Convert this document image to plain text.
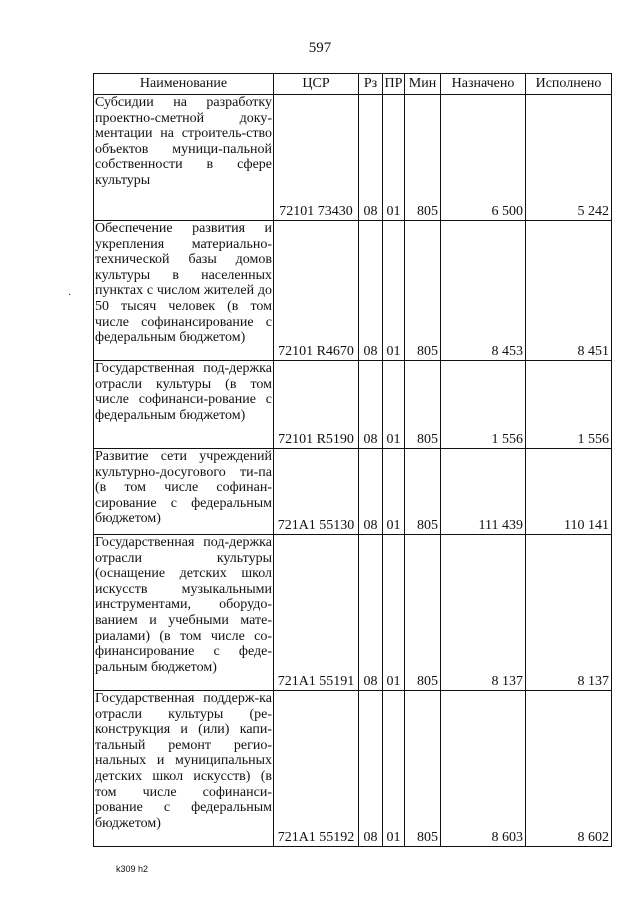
597
·
Наименование	ЦСР	Рз	ПР	Мин	Назначено	Исполнено
Субсидии на разработку проектно-сметной доку-ментации на строитель-ство объектов муници-пальной собственности в сфере культуры	72101 73430	08	01	805	6 500	5 242
Обеспечение развития и укрепления материально-технической базы домов культуры в населенных пунктах с числом жителей до 50 тысяч человек (в том числе софинансирование с федеральным бюджетом)	72101 R4670	08	01	805	8 453	8 451
Государственная под-держка отрасли культуры (в том числе софинанси-рование с федеральным бюджетом)	72101 R5190	08	01	805	1 556	1 556
Развитие сети учреждений культурно-досугового ти-па (в том числе софинан-сирование с федеральным бюджетом)	721A1 55130	08	01	805	111 439	110 141
Государственная под-держка отрасли культуры (оснащение детских школ искусств музыкальными инструментами, оборудо-ванием и учебными мате-риалами) (в том числе со-финансирование с феде-ральным бюджетом)	721A1 55191	08	01	805	8 137	8 137
Государственная поддерж-ка отрасли культуры (ре-конструкция и (или) капи-тальный ремонт регио-нальных и муниципальных детских школ искусств) (в том числе софинанси-рование с федеральным бюджетом)	721A1 55192	08	01	805	8 603	8 602
k309 h2
